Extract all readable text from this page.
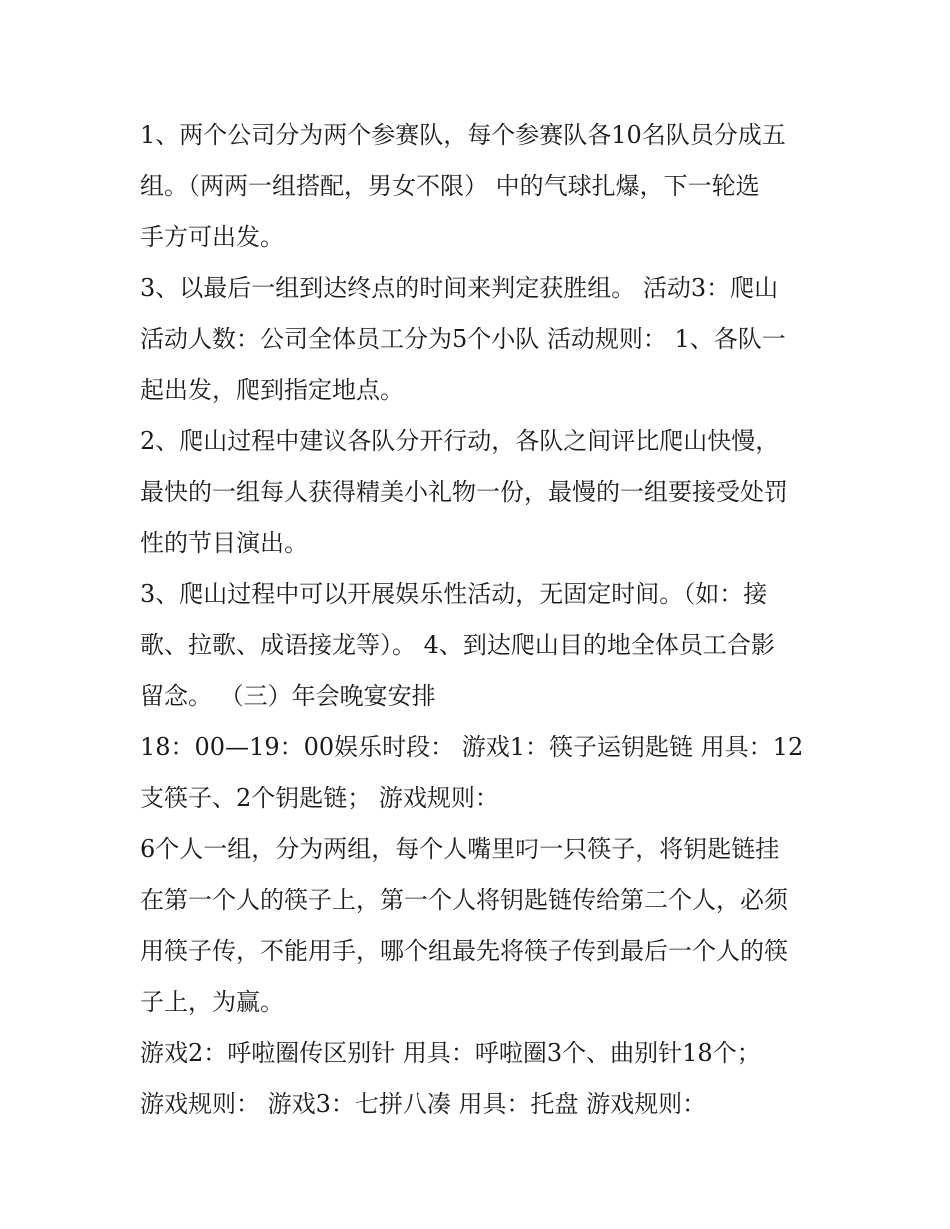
1、两个公司分为两个参赛队，每个参赛队各10名队员分成五
组。（两两一组搭配，男女不限） 中的气球扎爆，下一轮选
手方可出发。
3、以最后一组到达终点的时间来判定获胜组。 活动3：爬山
活动人数：公司全体员工分为5个小队 活动规则： 1、各队一
起出发，爬到指定地点。
2、爬山过程中建议各队分开行动，各队之间评比爬山快慢，
最快的一组每人获得精美小礼物一份，最慢的一组要接受处罚
性的节目演出。
3、爬山过程中可以开展娱乐性活动，无固定时间。（如：接
歌、拉歌、成语接龙等）。 4、到达爬山目的地全体员工合影
留念。 （三）年会晚宴安排
18：00—19：00娱乐时段： 游戏1：筷子运钥匙链 用具：12
支筷子、2个钥匙链； 游戏规则：
6个人一组，分为两组，每个人嘴里叼一只筷子，将钥匙链挂
在第一个人的筷子上，第一个人将钥匙链传给第二个人，必须
用筷子传，不能用手，哪个组最先将筷子传到最后一个人的筷
子上，为赢。
游戏2：呼啦圈传区别针 用具：呼啦圈3个、曲别针18个；
游戏规则： 游戏3：七拼八凑 用具：托盘 游戏规则：
